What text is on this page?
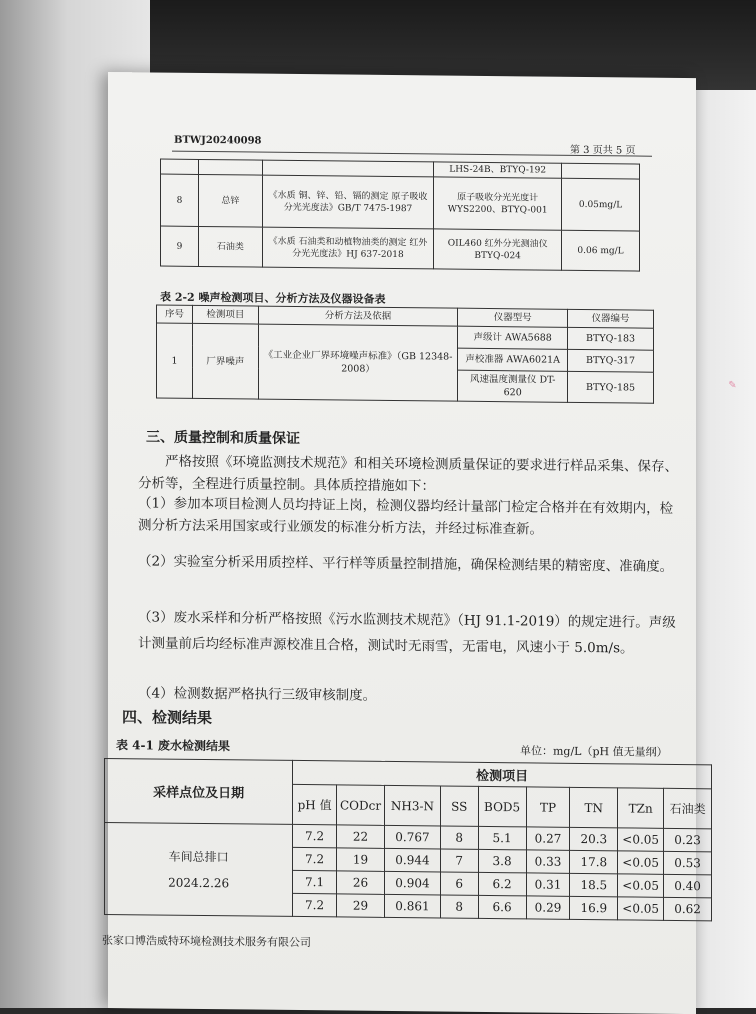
BTWJ20240098
第 3 页共 5 页
			LHS-24B、BTYQ-192	
8	总锌	《水质 铜、锌、铅、镉的测定 原子吸收分光光度法》GB/T 7475-1987	原子吸收分光光度计 WYS2200、BTYQ-001	0.05mg/L
9	石油类	《水质 石油类和动植物油类的测定 红外分光光度法》HJ 637-2018	OIL460 红外分光测油仪 BTYQ-024	0.06 mg/L
表 2-2 噪声检测项目、分析方法及仪器设备表
序号	检测项目	分析方法及依据	仪器型号	仪器编号
1	厂界噪声	《工业企业厂界环境噪声标准》（GB 12348-2008）	声级计 AWA5688	BTYQ-183
			声校准器 AWA6021A	BTYQ-317
			风速温度测量仪 DT-620	BTYQ-185
三、质量控制和质量保证
严格按照《环境监测技术规范》和相关环境检测质量保证的要求进行样品采集、保存、分析等，全程进行质量控制。具体质控措施如下：
（1）参加本项目检测人员均持证上岗，检测仪器均经计量部门检定合格并在有效期内，检测分析方法采用国家或行业颁发的标准分析方法，并经过标准查新。
（2）实验室分析采用质控样、平行样等质量控制措施，确保检测结果的精密度、准确度。
（3）废水采样和分析严格按照《污水监测技术规范》（HJ 91.1-2019）的规定进行。声级计测量前后均经标准声源校准且合格，测试时无雨雪，无雷电，风速小于 5.0m/s。
（4）检测数据严格执行三级审核制度。
四、检测结果
表 4-1 废水检测结果	单位：mg/L（pH 值无量纲）
采样点位及日期	检测项目								
	pH 值	CODcr	NH3-N	SS	BOD5	TP	TN	TZn	石油类

车间总排口
2024.2.26	7.2	22	0.767	8	5.1	0.27	20.3	<0.05	0.23
	7.2	19	0.944	7	3.8	0.33	17.8	<0.05	0.53
	7.1	26	0.904	6	6.2	0.31	18.5	<0.05	0.40
	7.2	29	0.861	8	6.6	0.29	16.9	<0.05	0.62
张家口博浩威特环境检测技术服务有限公司
✎
